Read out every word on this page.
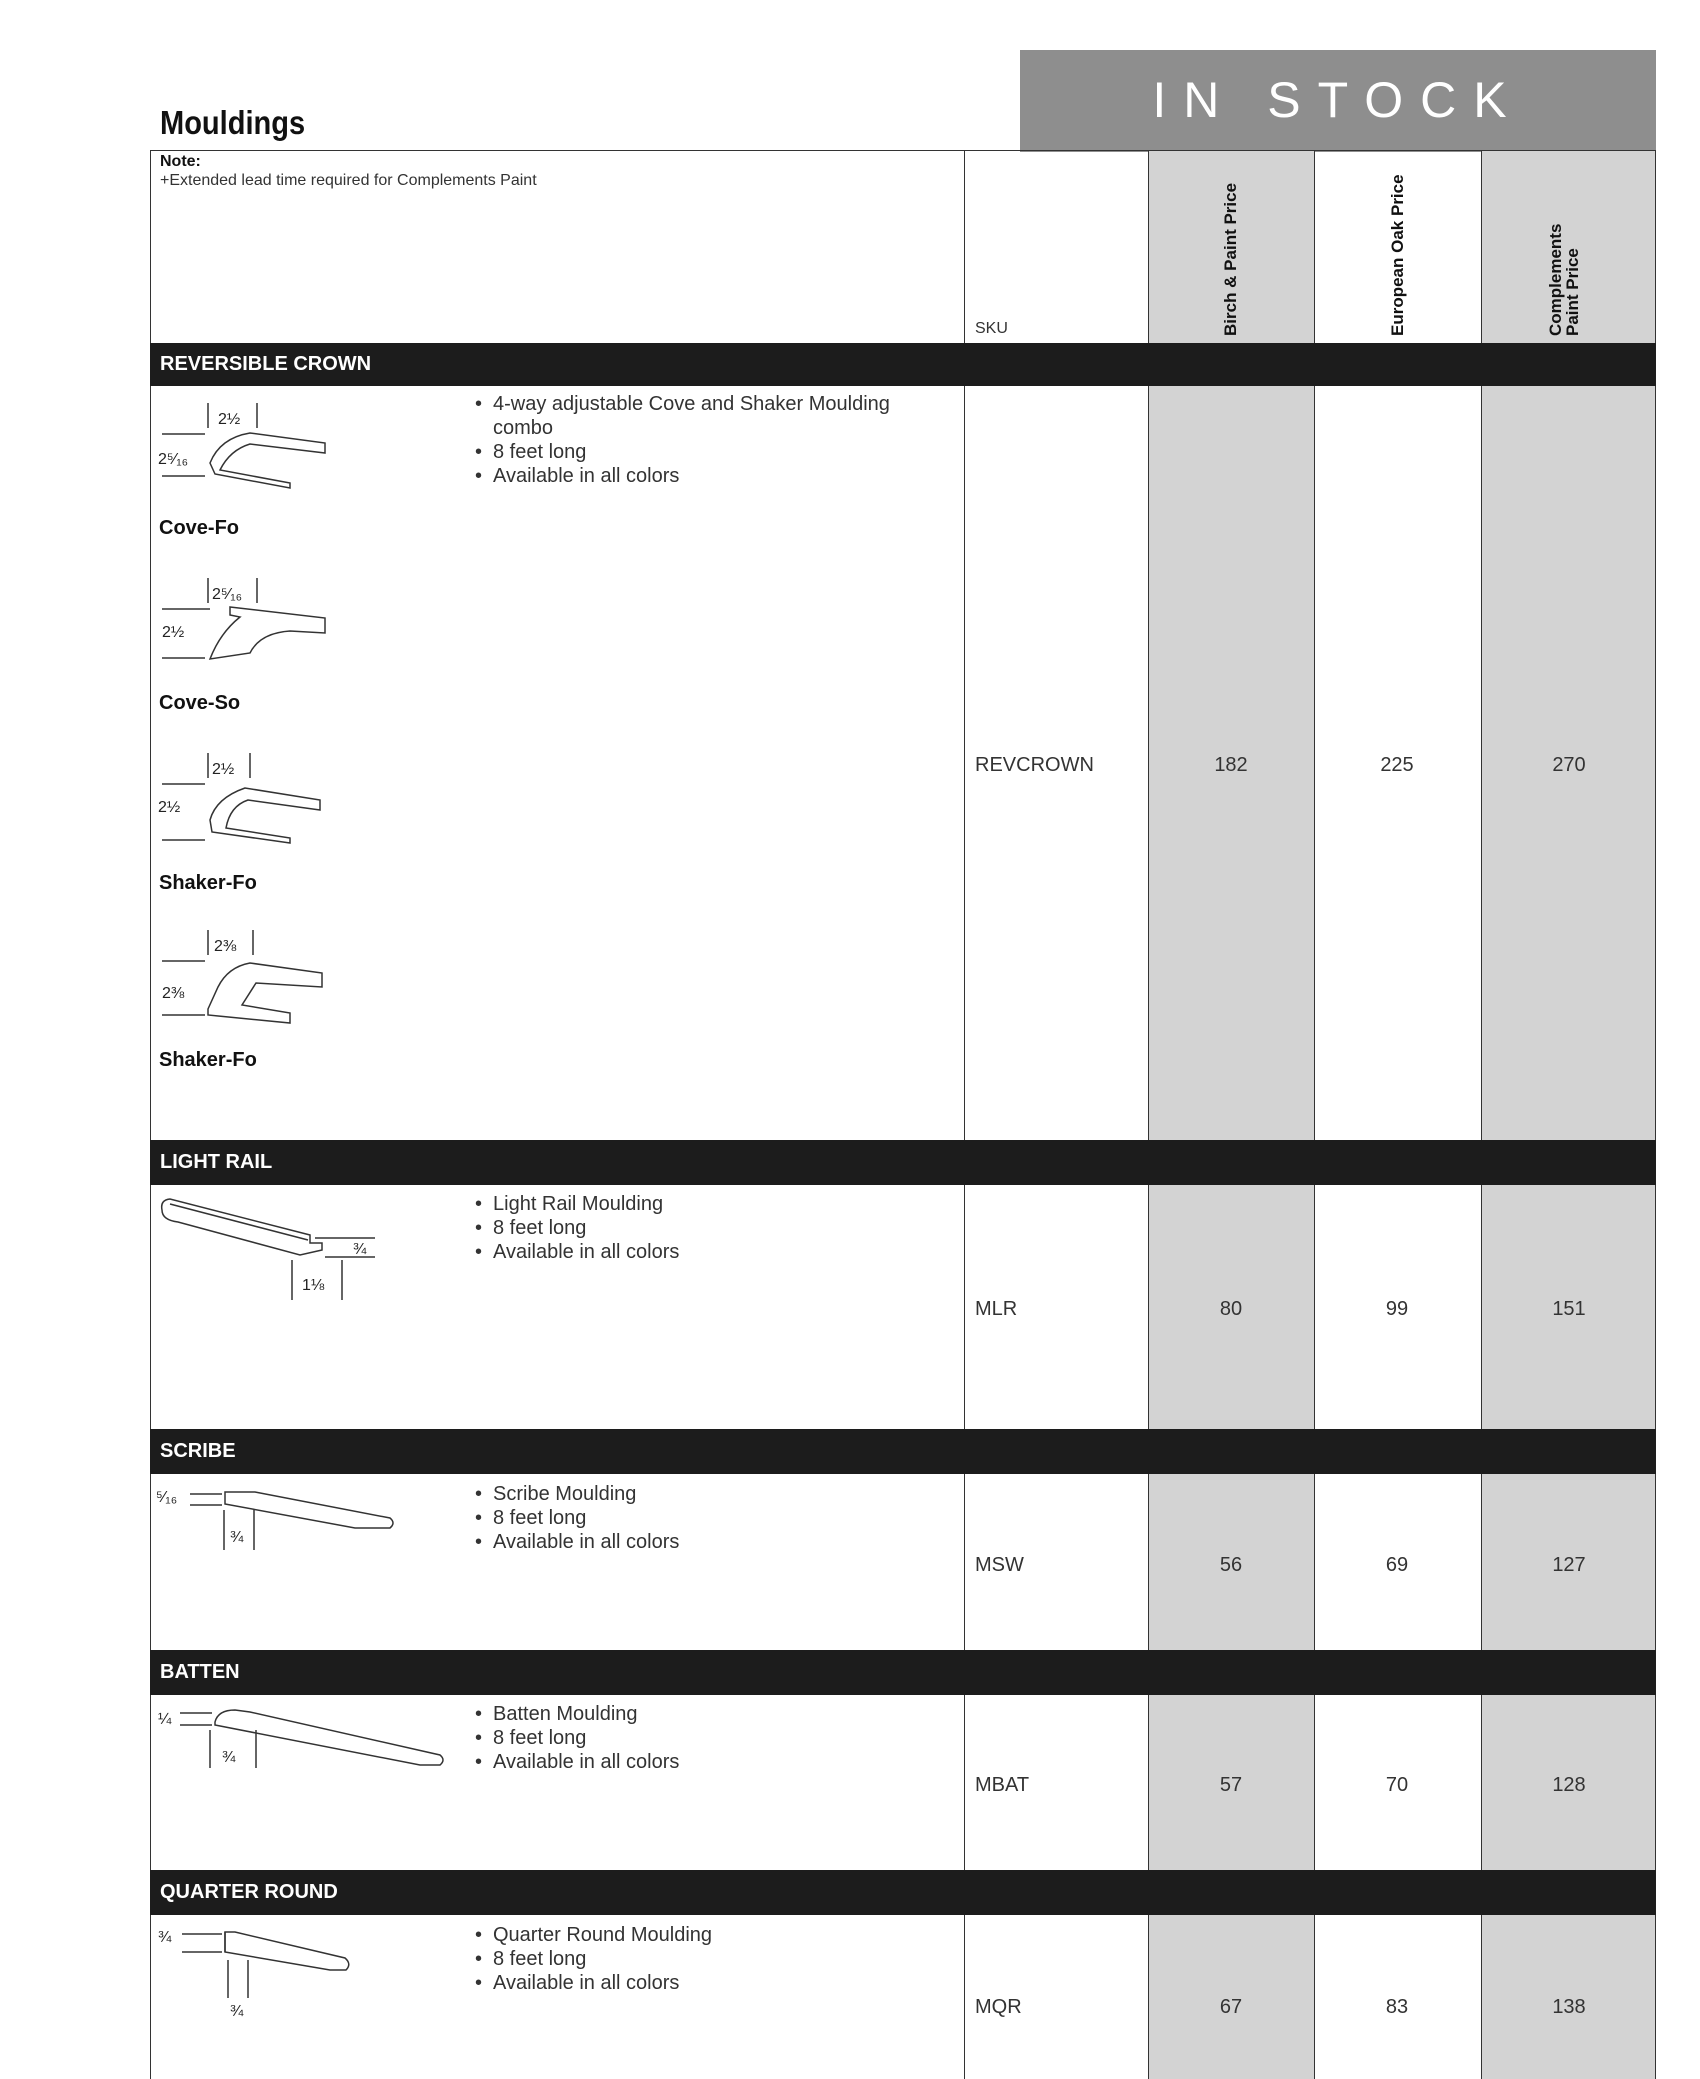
Mouldings	IN STOCK
Note:
+Extended lead time required for Complements Paint
SKU	Birch & Paint Price	European Oak Price	Complements
Paint Price
REVERSIBLE CROWN
• 4-way adjustable Cove and Shaker Moulding combo
• 8 feet long
• Available in all colors
2½
2⁵⁄₁₆
Cove-Fo
2⁵⁄₁₆
2½
Cove-So
2½
2½
Shaker-Fo
2⅜
2⅜
Shaker-Fo
REVCROWN	182	225	270
LIGHT RAIL
• Light Rail Moulding
• 8 feet long
• Available in all colors
¾
1⅛
MLR	80	99	151
SCRIBE
• Scribe Moulding
• 8 feet long
• Available in all colors
⁵⁄₁₆
¾
MSW	56	69	127
BATTEN
• Batten Moulding
• 8 feet long
• Available in all colors
¼
¾
MBAT	57	70	128
QUARTER ROUND
• Quarter Round Moulding
• 8 feet long
• Available in all colors
¾
¾	MQR	67	83	138
